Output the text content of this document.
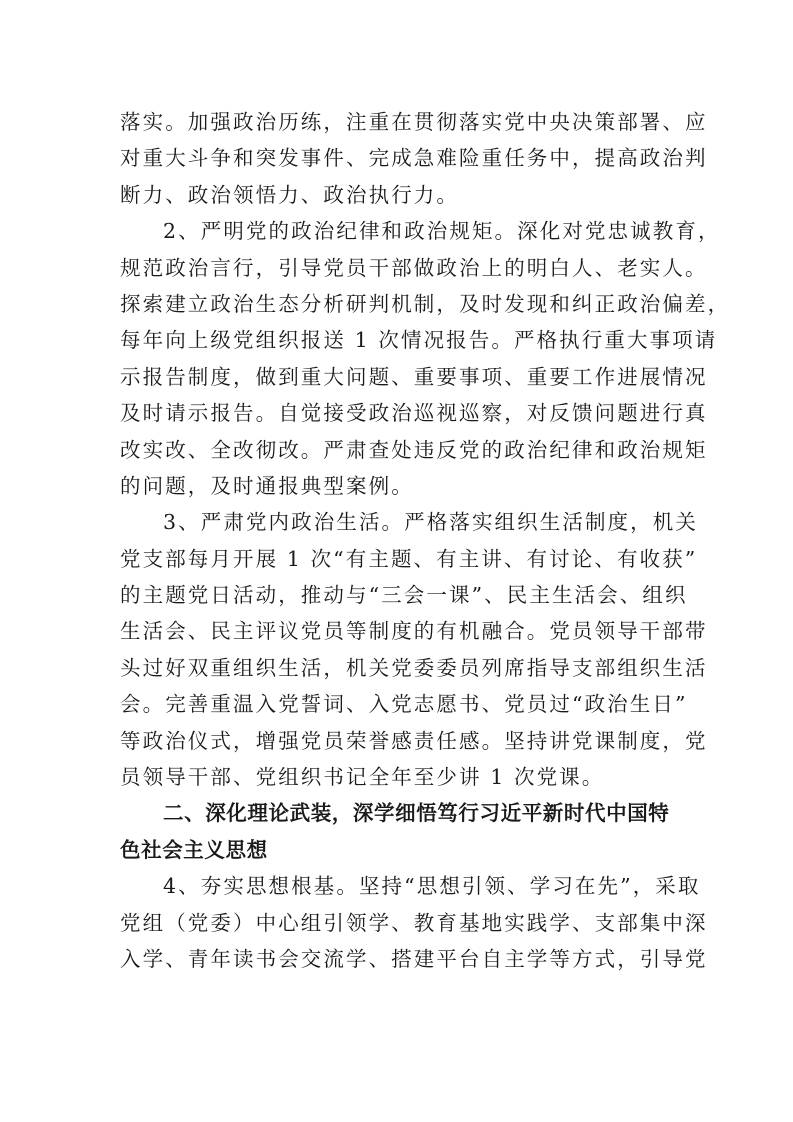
落实。加强政治历练，注重在贯彻落实党中央决策部署、应
对重大斗争和突发事件、完成急难险重任务中，提高政治判
断力、政治领悟力、政治执行力。
2、严明党的政治纪律和政治规矩。深化对党忠诚教育，
规范政治言行，引导党员干部做政治上的明白人、老实人。
探索建立政治生态分析研判机制，及时发现和纠正政治偏差，
每年向上级党组织报送 1 次情况报告。严格执行重大事项请
示报告制度，做到重大问题、重要事项、重要工作进展情况
及时请示报告。自觉接受政治巡视巡察，对反馈问题进行真
改实改、全改彻改。严肃查处违反党的政治纪律和政治规矩
的问题，及时通报典型案例。
3、严肃党内政治生活。严格落实组织生活制度，机关
党支部每月开展 1 次“有主题、有主讲、有讨论、有收获”
的主题党日活动，推动与“三会一课”、民主生活会、组织
生活会、民主评议党员等制度的有机融合。党员领导干部带
头过好双重组织生活，机关党委委员列席指导支部组织生活
会。完善重温入党誓词、入党志愿书、党员过“政治生日”
等政治仪式，增强党员荣誉感责任感。坚持讲党课制度，党
员领导干部、党组织书记全年至少讲 1 次党课。
二、深化理论武装，深学细悟笃行习近平新时代中国特
色社会主义思想
4、夯实思想根基。坚持“思想引领、学习在先”，采取
党组（党委）中心组引领学、教育基地实践学、支部集中深
入学、青年读书会交流学、搭建平台自主学等方式，引导党
